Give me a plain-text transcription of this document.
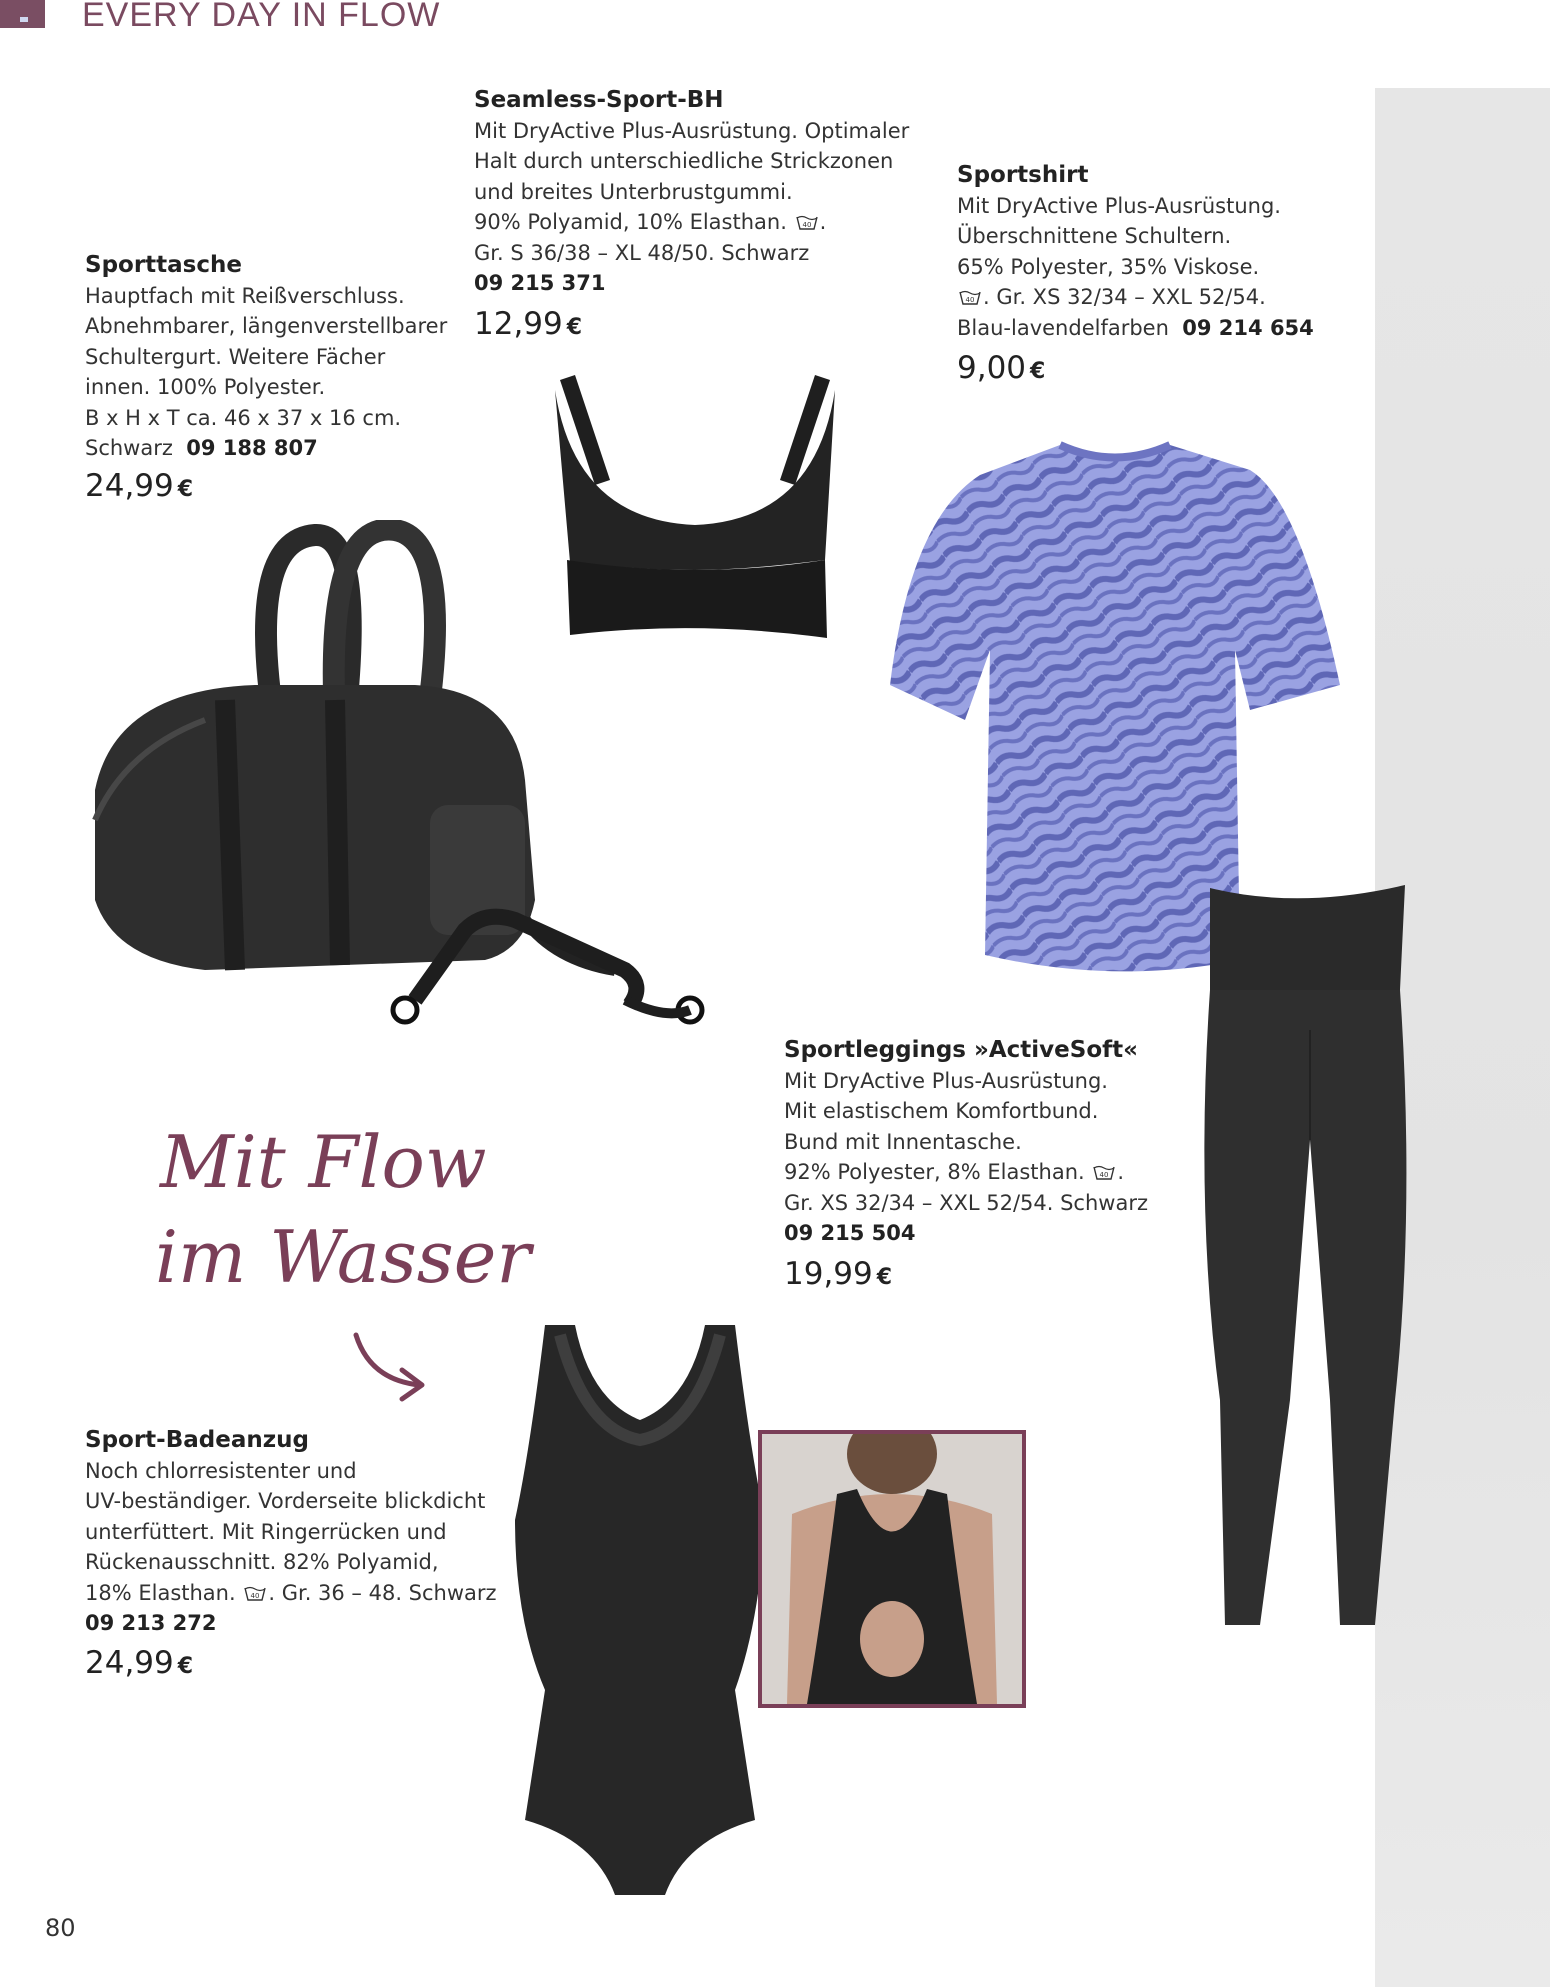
EVERY DAY IN FLOW
Sporttasche
Hauptfach mit Reißverschluss.
Abnehmbarer, längenverstellbarer
Schultergurt. Weitere Fächer
innen. 100% Polyester.
B x H x T ca. 46 x 37 x 16 cm.
Schwarz 09 188 807
24,99 €
Seamless-Sport-BH
Mit DryActive Plus-Ausrüstung. Optimaler
Halt durch unterschiedliche Strickzonen
und breites Unterbrustgummi.
90% Polyamid, 10% Elasthan. 40 .
Gr. S 36/38 – XL 48/50. Schwarz
09 215 371
12,99 €
Sportshirt
Mit DryActive Plus-Ausrüstung.
Überschnittene Schultern.
65% Polyester, 35% Viskose.
40 . Gr. XS 32/34 – XXL 52/54.
Blau-lavendelfarben 09 214 654
9,00 €
Sportleggings »ActiveSoft«
Mit DryActive Plus-Ausrüstung.
Mit elastischem Komfortbund.
Bund mit Innentasche.
92% Polyester, 8% Elasthan. 40 .
Gr. XS 32/34 – XXL 52/54. Schwarz
09 215 504
19,99 €
Sport-Badeanzug
Noch chlorresistenter und
UV-beständiger. Vorderseite blickdicht
unterfüttert. Mit Ringerrücken und
Rückenausschnitt. 82% Polyamid,
18% Elasthan. 40 . Gr. 36 – 48. Schwarz
09 213 272
24,99 €
Mit Flow
im Wasser
80
